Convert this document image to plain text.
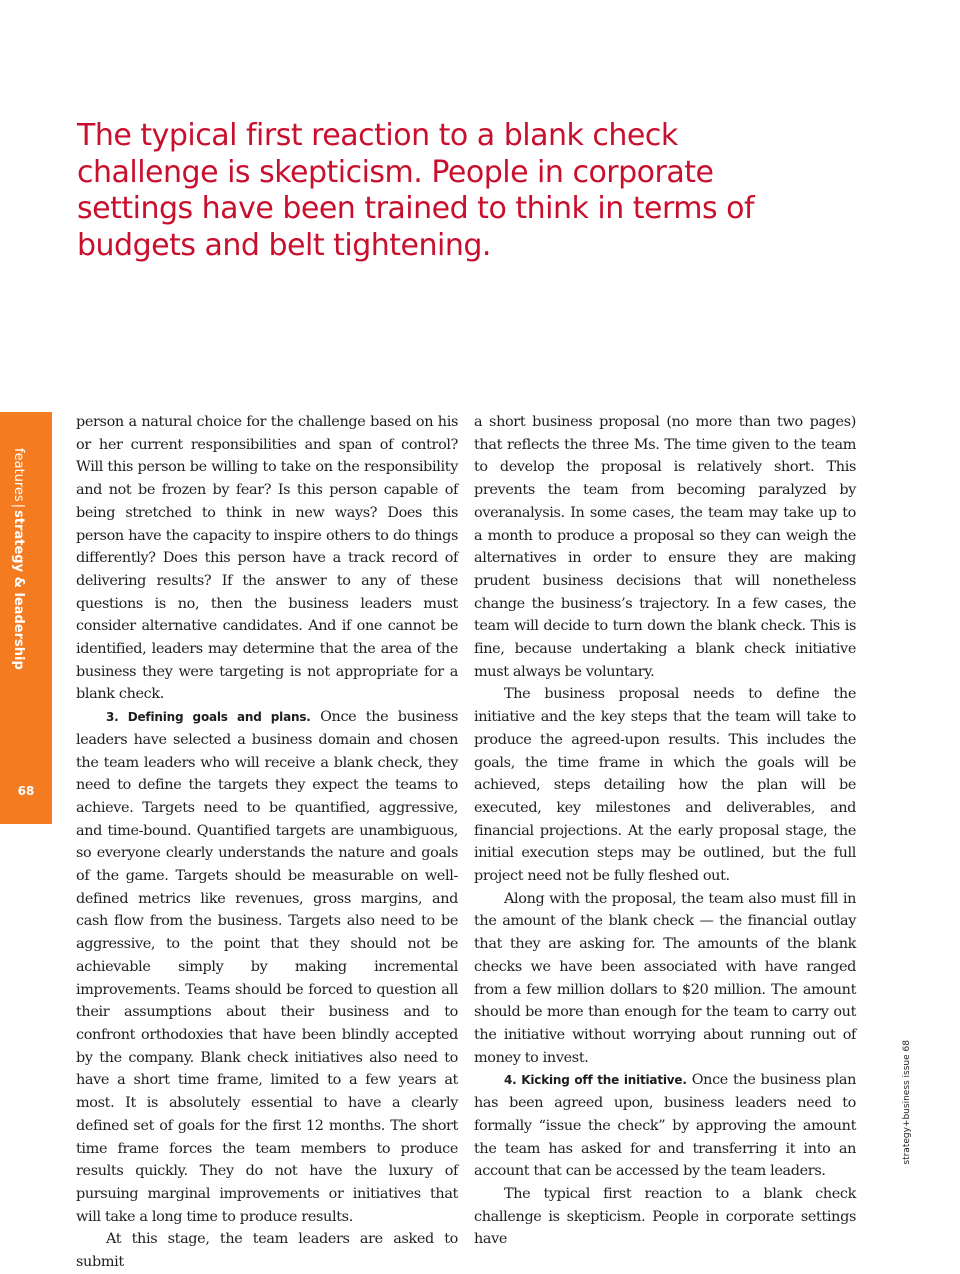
The typical first reaction to a blank check challenge is skepticism. People in corporate settings have been trained to think in terms of budgets and belt tightening.
features|strategy & leadership
68

person a natural choice for the challenge based on his or her current responsibilities and span of control? Will this person be willing to take on the responsibility and not be frozen by fear? Is this person capable of being stretched to think in new ways? Does this person have the capacity to inspire others to do things differently? Does this person have a track record of delivering results? If the answer to any of these questions is no, then the business leaders must consider alternative candidates. And if one cannot be identified, leaders may determine that the area of the business they were targeting is not appropriate for a blank check.

3. Defining goals and plans. Once the business leaders have selected a business domain and chosen the team leaders who will receive a blank check, they need to define the targets they expect the teams to achieve. Targets need to be quantified, aggressive, and time-bound. Quantified targets are unambiguous, so everyone clearly understands the nature and goals of the game. Targets should be measurable on well-defined metrics like revenues, gross margins, and cash flow from the business. Targets also need to be aggressive, to the point that they should not be achievable simply by making incremental improvements. Teams should be forced to question all their assumptions about their business and to confront orthodoxies that have been blindly accepted by the company. Blank check initiatives also need to have a short time frame, limited to a few years at most. It is absolutely essential to have a clearly defined set of goals for the first 12 months. The short time frame forces the team members to produce results quickly. They do not have the luxury of pursuing marginal improvements or initiatives that will take a long time to produce results.

At this stage, the team leaders are asked to submit

a short business proposal (no more than two pages) that reflects the three Ms. The time given to the team to develop the proposal is relatively short. This prevents the team from becoming paralyzed by overanalysis. In some cases, the team may take up to a month to produce a proposal so they can weigh the alternatives in order to ensure they are making prudent business decisions that will nonetheless change the business’s trajectory. In a few cases, the team will decide to turn down the blank check. This is fine, because undertaking a blank check initiative must always be voluntary.

The business proposal needs to define the initiative and the key steps that the team will take to produce the agreed-upon results. This includes the goals, the time frame in which the goals will be achieved, steps detailing how the plan will be executed, key milestones and deliverables, and financial projections. At the early proposal stage, the initial execution steps may be outlined, but the full project need not be fully fleshed out.

Along with the proposal, the team also must fill in the amount of the blank check — the financial outlay that they are asking for. The amounts of the blank checks we have been associated with have ranged from a few million dollars to $20 million. The amount should be more than enough for the team to carry out the initiative without worrying about running out of money to invest.

4. Kicking off the initiative. Once the business plan has been agreed upon, business leaders need to formally “issue the check” by approving the amount the team has asked for and transferring it into an account that can be accessed by the team leaders.

The typical first reaction to a blank check challenge is skepticism. People in corporate settings have

strategy+business issue 68
